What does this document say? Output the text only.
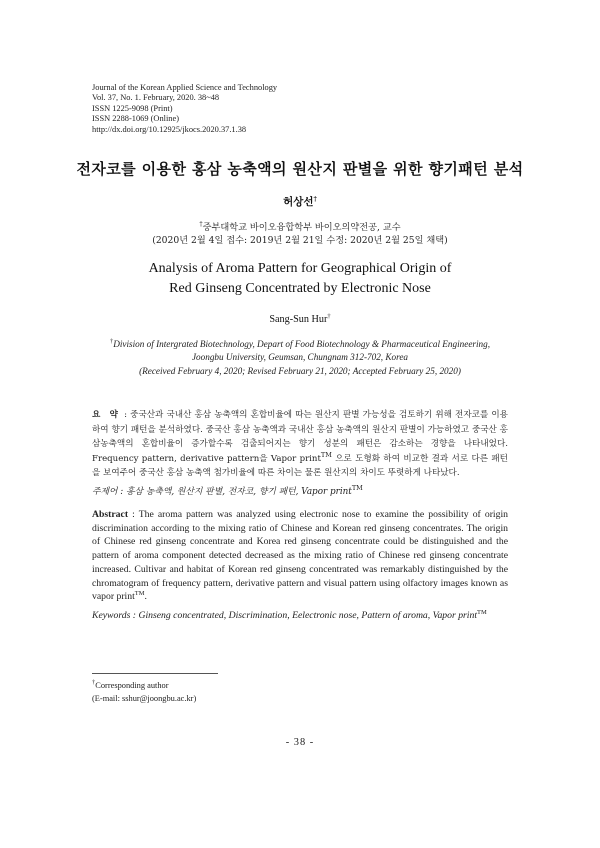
Journal of the Korean Applied Science and Technology
Vol. 37, No. 1. February, 2020. 38~48
ISSN 1225-9098 (Print)
ISSN 2288-1069 (Online)
http://dx.doi.org/10.12925/jkocs.2020.37.1.38
전자코를 이용한 홍삼 농축액의 원산지 판별을 위한 향기패턴 분석
허상선†
†중부대학교 바이오융합학부 바이오의약전공, 교수
(2020년 2월 4일 접수: 2019년 2월 21일 수정: 2020년 2월 25일 채택)
Analysis of Aroma Pattern for Geographical Origin of
Red Ginseng Concentrated by Electronic Nose
Sang-Sun Hur†
†Division of Intergrated Biotechnology, Depart of Food Biotechnology & Pharmaceutical Engineering,
Joongbu University, Geumsan, Chungnam 312-702, Korea
(Received February 4, 2020; Revised February 21, 2020; Accepted February 25, 2020)
요 약 : 중국산과 국내산 홍삼 농축액의 혼합비율에 따는 원산지 판별 가능성을 검토하기 위해 전자코를 이용하여 향기 패턴을 분석하였다. 중국산 홍삼 농축액과 국내산 홍삼 농축액의 원산지 판별이 가능하였고 중국산 홍삼농축액의 혼합비율이 증가할수록 검출되어지는 향기 성분의 패턴은 감소하는 경향을 나타내었다. Frequency pattern, derivative pattern을 Vapor print™ 으로 도형화 하여 비교한 결과 서로 다른 패턴을 보여주어 중국산 홍삼 농축액 첨가비율에 따른 차이는 물론 원산지의 차이도 뚜렷하게 나타났다.
주제어 : 홍삼 농축액, 원산지 판별, 전자코, 향기 패턴, Vapor print™
Abstract : The aroma pattern was analyzed using electronic nose to examine the possibility of origin discrimination according to the mixing ratio of Chinese and Korean red ginseng concentrates. The origin of Chinese red ginseng concentrate and Korea red ginseng concentrate could be distinguished and the pattern of aroma component detected decreased as the mixing ratio of Chinese red ginseng concentrate increased. Cultivar and habitat of Korean red ginseng concentrated was remarkably distinguished by the chromatogram of frequency pattern, derivative pattern and visual pattern using olfactory images known as vapor print™.
Keywords : Ginseng concentrated, Discrimination, Eelectronic nose, Pattern of aroma, Vapor print™
†Corresponding author
(E-mail: sshur@joongbu.ac.kr)
- 38 -
